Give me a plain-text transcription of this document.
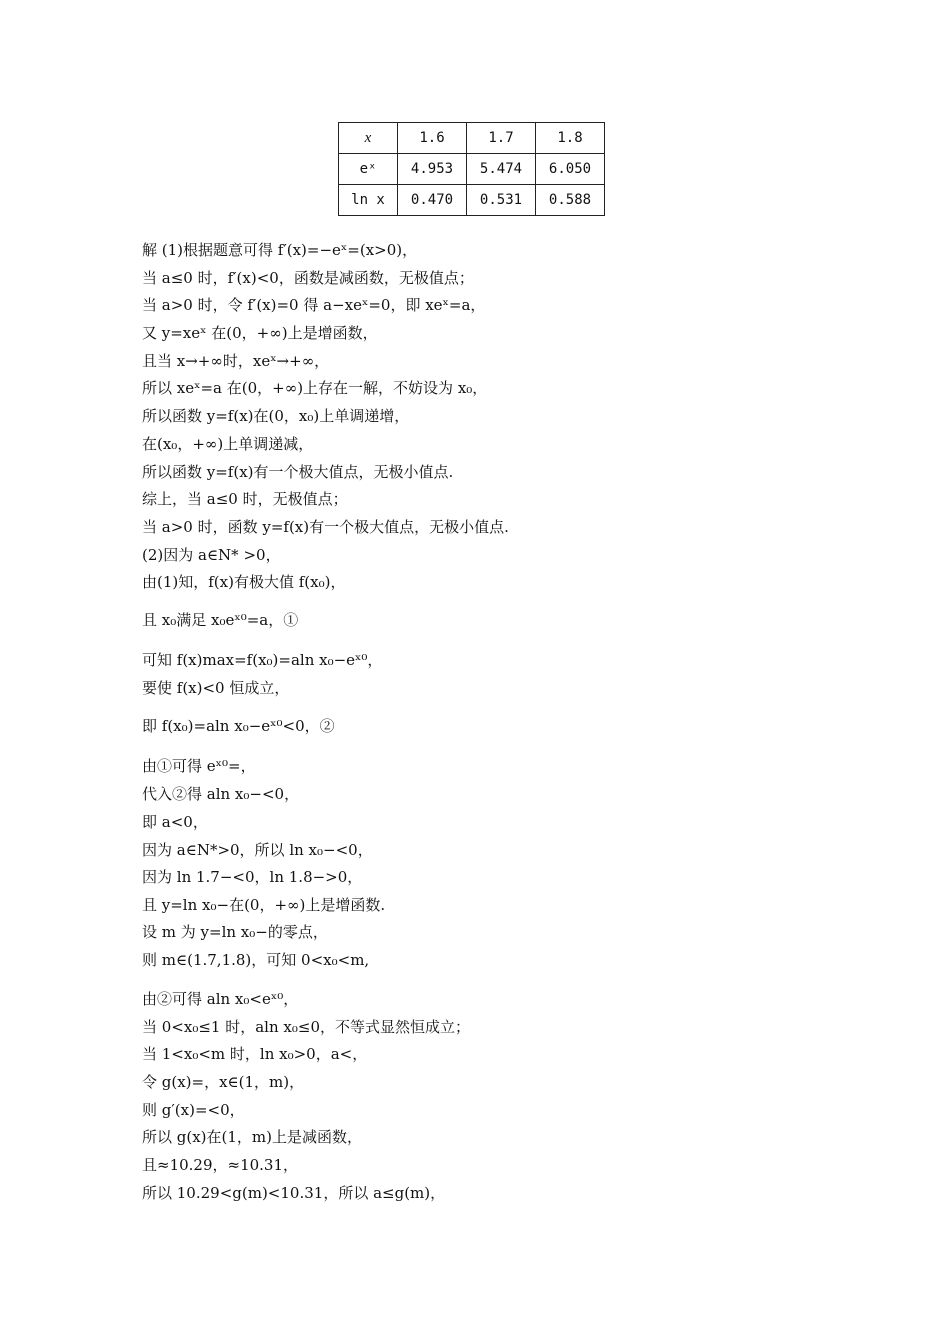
x	1.6	1.7	1.8
eˣ	4.953	5.474	6.050
ln x	0.470	0.531	0.588
解 (1)根据题意可得 f′(x)=−eˣ=(x>0)，
当 a≤0 时，f′(x)<0，函数是减函数，无极值点；
当 a>0 时，令 f′(x)=0 得 a−xeˣ=0，即 xeˣ=a，
又 y=xeˣ 在(0，+∞)上是增函数，
且当 x→+∞时，xeˣ→+∞，
所以 xeˣ=a 在(0，+∞)上存在一解，不妨设为 x₀，
所以函数 y=f(x)在(0，x₀)上单调递增，
在(x₀，+∞)上单调递减，
所以函数 y=f(x)有一个极大值点，无极小值点.
综上，当 a≤0 时，无极值点；
当 a>0 时，函数 y=f(x)有一个极大值点，无极小值点.
(2)因为 a∈N* >0，
由(1)知，f(x)有极大值 f(x₀)，
且 x₀满足 x₀eˣ⁰=a，①
可知 f(x)max=f(x₀)=aln x₀−eˣ⁰，
要使 f(x)<0 恒成立，
即 f(x₀)=aln x₀−eˣ⁰<0，②
由①可得 eˣ⁰=，
代入②得 aln x₀−<0，
即 a<0，
因为 a∈N*>0，所以 ln x₀−<0，
因为 ln 1.7−<0，ln 1.8−>0，
且 y=ln x₀−在(0，+∞)上是增函数.
设 m 为 y=ln x₀−的零点，
则 m∈(1.7,1.8)，可知 0<x₀<m,
由②可得 aln x₀<eˣ⁰，
当 0<x₀≤1 时，aln x₀≤0，不等式显然恒成立；
当 1<x₀<m 时，ln x₀>0，a<，
令 g(x)=，x∈(1，m)，
则 g′(x)=<0，
所以 g(x)在(1，m)上是减函数，
且≈10.29，≈10.31，
所以 10.29<g(m)<10.31，所以 a≤g(m)，
